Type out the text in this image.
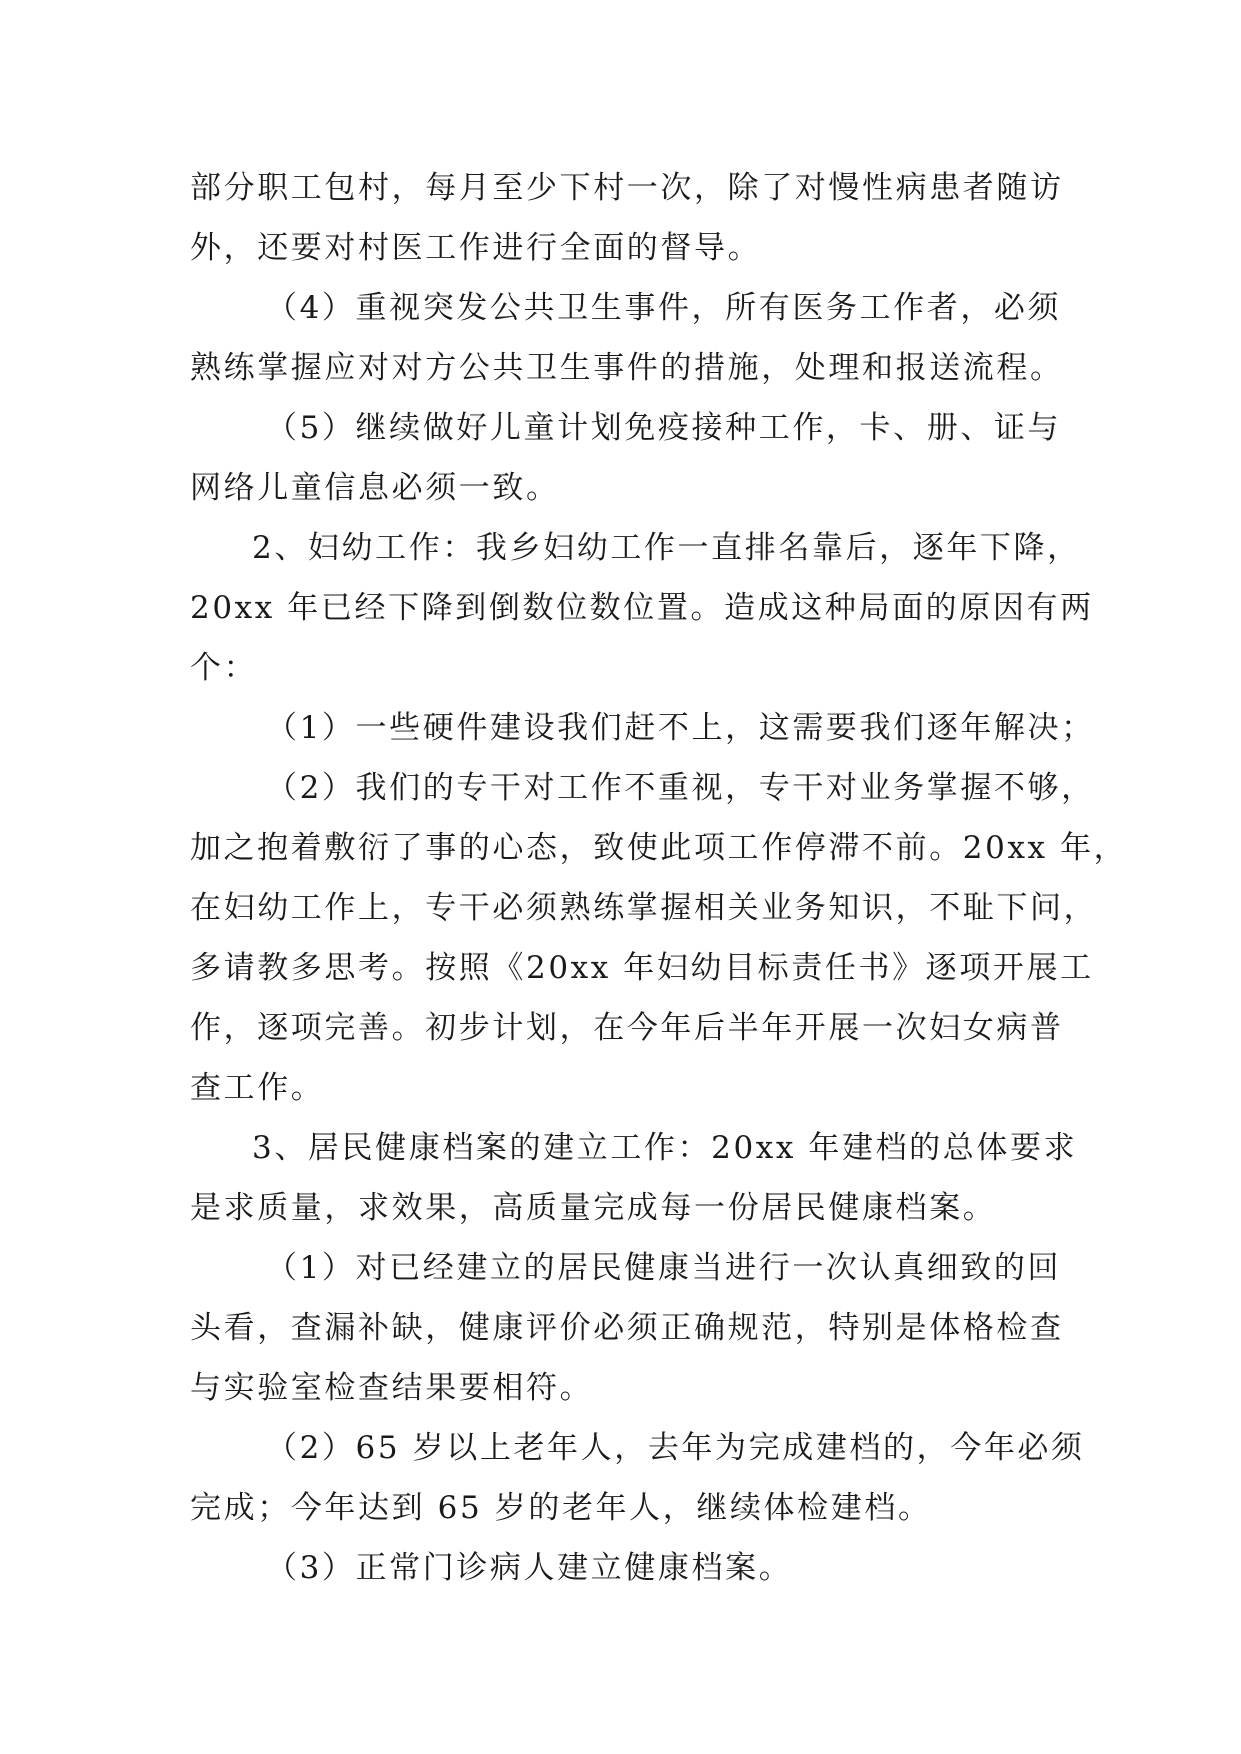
部分职工包村，每月至少下村一次，除了对慢性病患者随访
外，还要对村医工作进行全面的督导。
（4）重视突发公共卫生事件，所有医务工作者，必须
熟练掌握应对对方公共卫生事件的措施，处理和报送流程。
（5）继续做好儿童计划免疫接种工作，卡、册、证与
网络儿童信息必须一致。
2、妇幼工作：我乡妇幼工作一直排名靠后，逐年下降，
20xx 年已经下降到倒数位数位置。造成这种局面的原因有两
个：
（1）一些硬件建设我们赶不上，这需要我们逐年解决；
（2）我们的专干对工作不重视，专干对业务掌握不够，
加之抱着敷衍了事的心态，致使此项工作停滞不前。20xx 年，
在妇幼工作上，专干必须熟练掌握相关业务知识，不耻下问，
多请教多思考。按照《20xx 年妇幼目标责任书》逐项开展工
作，逐项完善。初步计划，在今年后半年开展一次妇女病普
查工作。
3、居民健康档案的建立工作：20xx 年建档的总体要求
是求质量，求效果，高质量完成每一份居民健康档案。
（1）对已经建立的居民健康当进行一次认真细致的回
头看，查漏补缺，健康评价必须正确规范，特别是体格检查
与实验室检查结果要相符。
（2）65 岁以上老年人，去年为完成建档的，今年必须
完成；今年达到 65 岁的老年人，继续体检建档。
（3）正常门诊病人建立健康档案。
